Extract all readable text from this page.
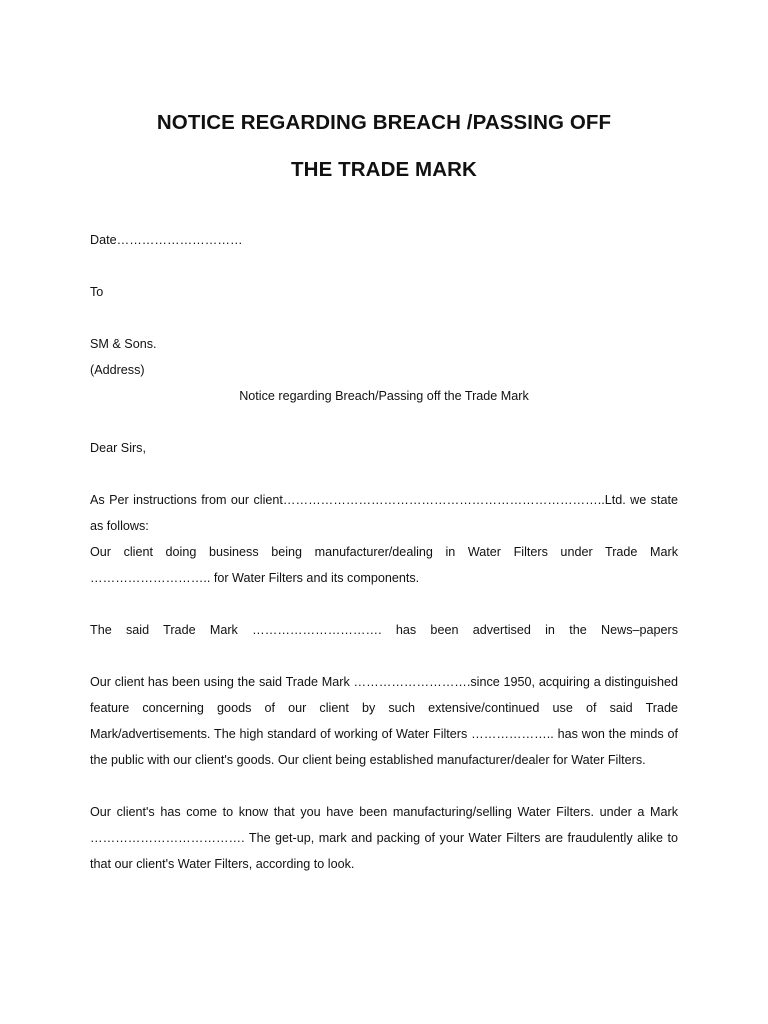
NOTICE REGARDING BREACH /PASSING OFF
THE TRADE MARK

Date…………………………

To

SM & Sons.

(Address)

Notice regarding Breach/Passing off the Trade Mark

Dear Sirs,

As Per instructions from our client…………………………………………………………………..Ltd. we state as follows:

Our client doing business being manufacturer/dealing in Water Filters under Trade Mark ……………………….. for Water Filters and its components.

The said Trade Mark …………………………. has been advertised in the News–papers

Our client has been using the said Trade Mark ……………………….since 1950, acquiring a distinguished feature concerning goods of our client by such extensive/continued use of said Trade Mark/advertisements. The high standard of working of Water Filters ……………….. has won the minds of the public with our client's goods. Our client being established manufacturer/dealer for Water Filters.

Our client's has come to know that you have been manufacturing/selling Water Filters. under a Mark ………………………………. The get-up, mark and packing of your Water Filters are fraudulently alike to that our client's Water Filters, according to look.
